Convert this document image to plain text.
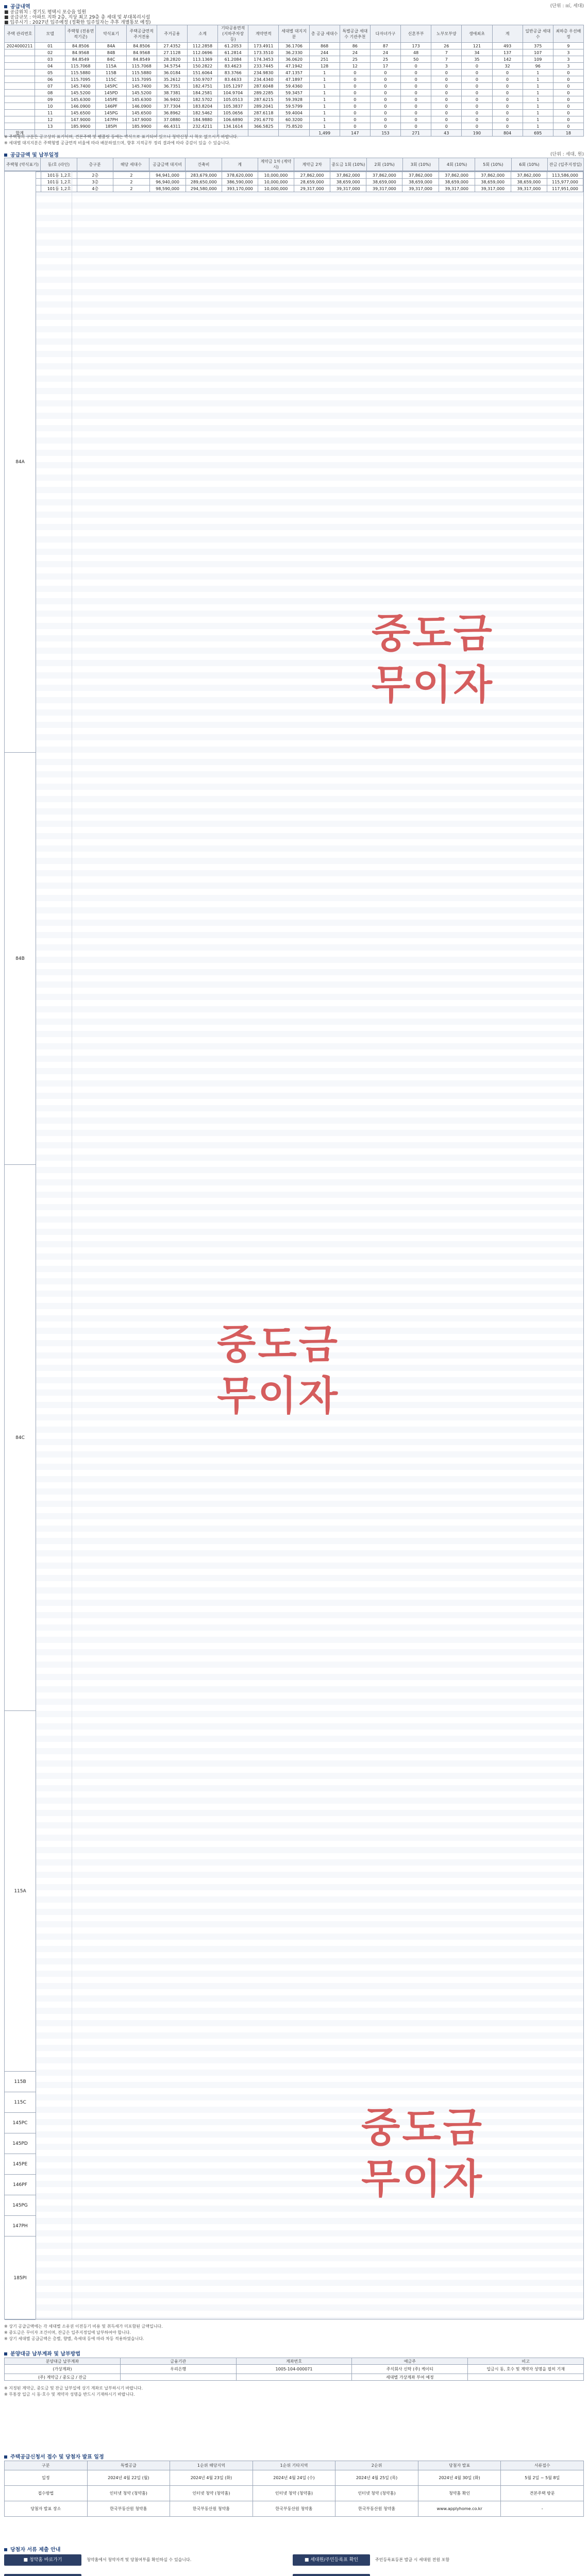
공급내역	(단위 : ㎡, 세대)
■ 공급위치 : 경기도 평택시 포승읍 일원
■ 공급규모 : 아파트 지하 2층, 지상 최고 29층 총 세대 및 부대복리시설
■ 입주시기 : 2027년 입주예정 (정확한 입주일자는 추후 개별통보 예정)
주택 관리번호	모델	주택형 (전용면적기준)	약식표기	주택공급면적 주거전용	주거공용	소계	기타공용면적 (지하주차장 등)	계약면적	세대별 대지지분	총 공급 세대수	특별공급 세대수 기관추천	다자녀가구	신혼부부	노부모부양	생애최초	계	일반공급 세대수	최하층 우선배정
2024000211	01	84.8506	84A	84.8506	27.4352	112.2858	61.2053	173.4911	36.1706	868	86	87	173	26	121	493	375	9
	02	84.9568	84B	84.9568	27.1128	112.0696	61.2814	173.3510	36.2330	244	24	24	48	7	34	137	107	3
	03	84.8549	84C	84.8549	28.2820	113.1369	61.2084	174.3453	36.0620	251	25	25	50	7	35	142	109	3
	04	115.7068	115A	115.7068	34.5754	150.2822	83.4623	233.7445	47.1942	128	12	17	0	3	0	32	96	3
	05	115.5880	115B	115.5880	36.0184	151.6064	83.3766	234.9830	47.1357	1	0	0	0	0	0	0	1	0
	06	115.7095	115C	115.7095	35.2612	150.9707	83.4633	234.4340	47.1897	1	0	0	0	0	0	0	1	0
	07	145.7400	145PC	145.7400	36.7351	182.4751	105.1297	287.6048	59.4360	1	0	0	0	0	0	0	1	0
	08	145.5200	145PD	145.5200	38.7381	184.2581	104.9704	289.2285	59.3457	1	0	0	0	0	0	0	1	0
	09	145.6300	145PE	145.6300	36.9402	182.5702	105.0513	287.6215	59.3928	1	0	0	0	0	0	0	1	0
	10	146.0900	146PF	146.0900	37.7304	183.8204	105.3837	289.2041	59.5799	1	0	0	0	0	0	0	1	0
	11	145.6500	145PG	145.6500	36.8962	182.5462	105.0656	287.6118	59.4004	1	0	0	0	0	0	0	1	0
	12	147.9000	147PH	147.9000	37.0880	184.9880	106.6890	291.6770	60.3200	1	0	0	0	0	0	0	1	0
	13	185.9900	185PI	185.9900	46.4311	232.4211	134.1614	366.5825	75.8520	1	0	0	0	0	0	0	1	0
합계										1,499	147	153	271	43	190	804	695	18
※ 주택형의 구분은 공고상의 표기이며, 견본주택 및 팸플릿 등에는 약식으로 표기되어 있으니 청약신청 시 착오 없으시기 바랍니다.
※ 세대별 대지지분은 주택형별 공급면적 비율에 따라 배분하였으며, 향후 지적공부 정리 결과에 따라 증감이 있을 수 있습니다.
공급금액 및 납부일정	(단위 : 세대, 원)
주택형 (약식표기)	동/호 (라인)	층구분	해당 세대수	공급금액 대지비	건축비	계	계약금 1차 (계약시)	계약금 2차	중도금 1회 (10%)	2회 (10%)	3회 (10%)	4회 (10%)	5회 (10%)	6회 (10%)	잔금 (입주지정일)
	101동 1,2호	2층	2	94,941,000	283,679,000	378,620,000	10,000,000	27,862,000	37,862,000	37,862,000	37,862,000	37,862,000	37,862,000	37,862,000	113,586,000
	101동 1,2호	3층	2	96,940,000	289,650,000	386,590,000	10,000,000	28,659,000	38,659,000	38,659,000	38,659,000	38,659,000	38,659,000	38,659,000	115,977,000
	101동 1,2호	4층	2	98,590,000	294,580,000	393,170,000	10,000,000	29,317,000	39,317,000	39,317,000	39,317,000	39,317,000	39,317,000	39,317,000	117,951,000
84A
84B
84C
115A
115B
115C
145PC
145PD
145PE
146PF
145PG
147PH
185PI
중도금
무이자
중도금
무이자
중도금
무이자
※ 상기 공급금액에는 각 세대별 소유권 이전등기 비용 및 취득세가 미포함된 금액입니다.
※ 중도금은 무이자 조건이며, 잔금은 입주지정일에 납부하여야 합니다.
※ 상기 세대별 공급금액은 층별, 향별, 측세대 등에 따라 차등 적용하였습니다.
분양대금 납부계좌 및 납부방법
분양대금 납부계좌	금융기관	계좌번호	예금주	비고
(가상계좌)	우리은행	1005-104-000071	주식회사 신탁 (주) 케이티	입금시 동, 호수 및 계약자 성명을 필히 기재
(주) 계약금 / 중도금 / 잔금			세대별 가상계좌 부여 예정	
※ 지정된 계약금, 중도금 및 잔금 납부일에 상기 계좌로 납부하시기 바랍니다.
※ 무통장 입금 시 동·호수 및 계약자 성명을 반드시 기재하시기 바랍니다.
주택공급신청서 접수 및 당첨자 발표 일정
구분	특별공급	1순위 해당지역	1순위 기타지역	2순위	당첨자 발표	서류접수
일정	2024년 4월 22일 (월)	2024년 4월 23일 (화)	2024년 4월 24일 (수)	2024년 4월 25일 (목)	2024년 4월 30일 (화)	5월 2일 ~ 5월 8일
접수방법	인터넷 청약 (청약홈)	인터넷 청약 (청약홈)	인터넷 청약 (청약홈)	인터넷 청약 (청약홈)	청약홈 확인	견본주택 방문
당첨자 발표 장소	한국부동산원 청약홈	한국부동산원 청약홈	한국부동산원 청약홈	한국부동산원 청약홈	www.applyhome.co.kr	-
당첨자 서류 제출 안내
■ 청약홈 바로가기	청약홈에서 청약자격 및 당첨여부를 확인하실 수 있습니다.	■ 세대원/주민등록표 확인	주민등록표등본 발급 시 세대원 전원 포함
